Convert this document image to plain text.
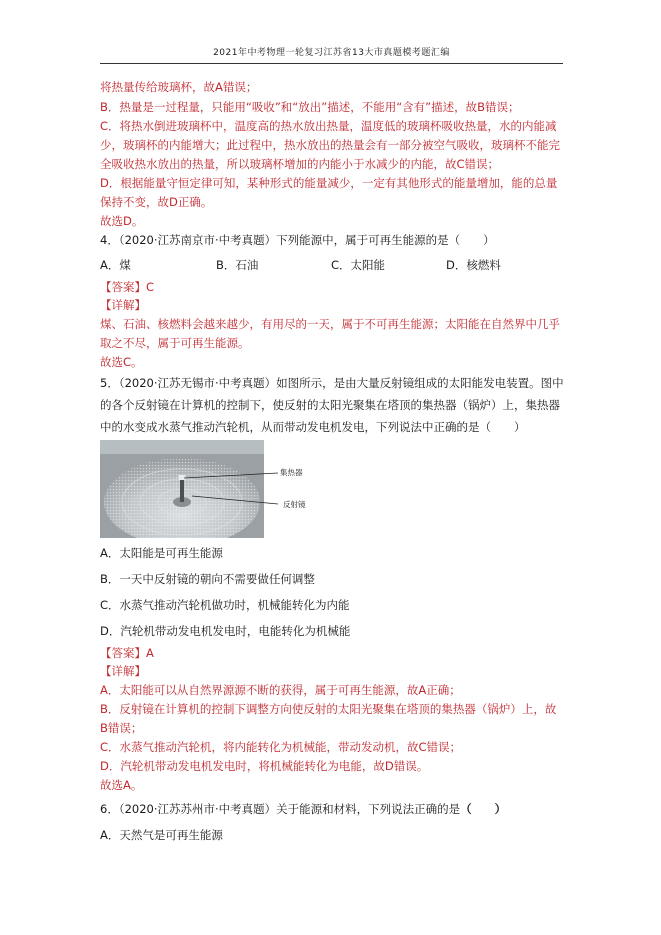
2021年中考物理一轮复习江苏省13大市真题模考题汇编
将热量传给玻璃杯，故A错误；
B．热量是一过程量，只能用“吸收”和“放出”描述，不能用“含有”描述，故B错误；
C．将热水倒进玻璃杯中，温度高的热水放出热量，温度低的玻璃杯吸收热量，水的内能减
少，玻璃杯的内能增大；此过程中，热水放出的热量会有一部分被空气吸收，玻璃杯不能完
全吸收热水放出的热量，所以玻璃杯增加的内能小于水减少的内能，故C错误；
D．根据能量守恒定律可知，某种形式的能量减少，一定有其他形式的能量增加，能的总量
保持不变，故D正确。
故选D。
4．（2020·江苏南京市·中考真题）下列能源中，属于可再生能源的是（　　）
A．煤	B．石油	C．太阳能	D．核燃料
【答案】C
【详解】
煤、石油、核燃料会越来越少，有用尽的一天，属于不可再生能源；太阳能在自然界中几乎
取之不尽，属于可再生能源。
故选C。
5．（2020·江苏无锡市·中考真题）如图所示，是由大量反射镜组成的太阳能发电装置。图中
的各个反射镜在计算机的控制下，使反射的太阳光聚集在塔顶的集热器（锅炉）上，集热器
中的水变成水蒸气推动汽轮机，从而带动发电机发电，下列说法中正确的是（　　）
集热器
反射镜
A．太阳能是可再生能源
B．一天中反射镜的朝向不需要做任何调整
C．水蒸气推动汽轮机做功时，机械能转化为内能
D．汽轮机带动发电机发电时，电能转化为机械能
【答案】A
【详解】
A．太阳能可以从自然界源源不断的获得，属于可再生能源，故A正确；
B．反射镜在计算机的控制下调整方向使反射的太阳光聚集在塔顶的集热器（锅炉）上，故
B错误；
C．水蒸气推动汽轮机，将内能转化为机械能，带动发动机，故C错误；
D．汽轮机带动发电机发电时，将机械能转化为电能，故D错误。
故选A。
6．（2020·江苏苏州市·中考真题）关于能源和材料，下列说法正确的是（　　）
A．天然气是可再生能源
